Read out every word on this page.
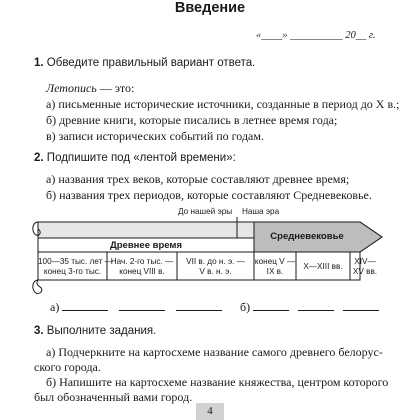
Введение
«____» __________ 20__ г.
1. Обведите правильный вариант ответа.
Летопись — это:
а) письменные исторические источники, созданные в период до X в.;
б) древние книги, которые писались в летнее время года;
в) записи исторических событий по годам.
2. Подпишите под «лентой времени»:
а) названия трех веков, которые составляют древнее время;
б) названия трех периодов, которые составляют Средневековье.
До нашей эры Наша эра
Древнее время
Средневековье
100—35 тыс. лет —
конец 3-го тыс.
Нач. 2-го тыс. —
конец VIII в.
VII в. до н. э. —
V в. н. э.
конец V —
IX в.
X—XIII вв.
XIV—
XV вв.
а)	б)
3. Выполните задания.
а) Подчеркните на картосхеме название самого древнего белорус-
ского города.
б) Напишите на картосхеме название княжества, центром которого
был обозначенный вами город.
4
